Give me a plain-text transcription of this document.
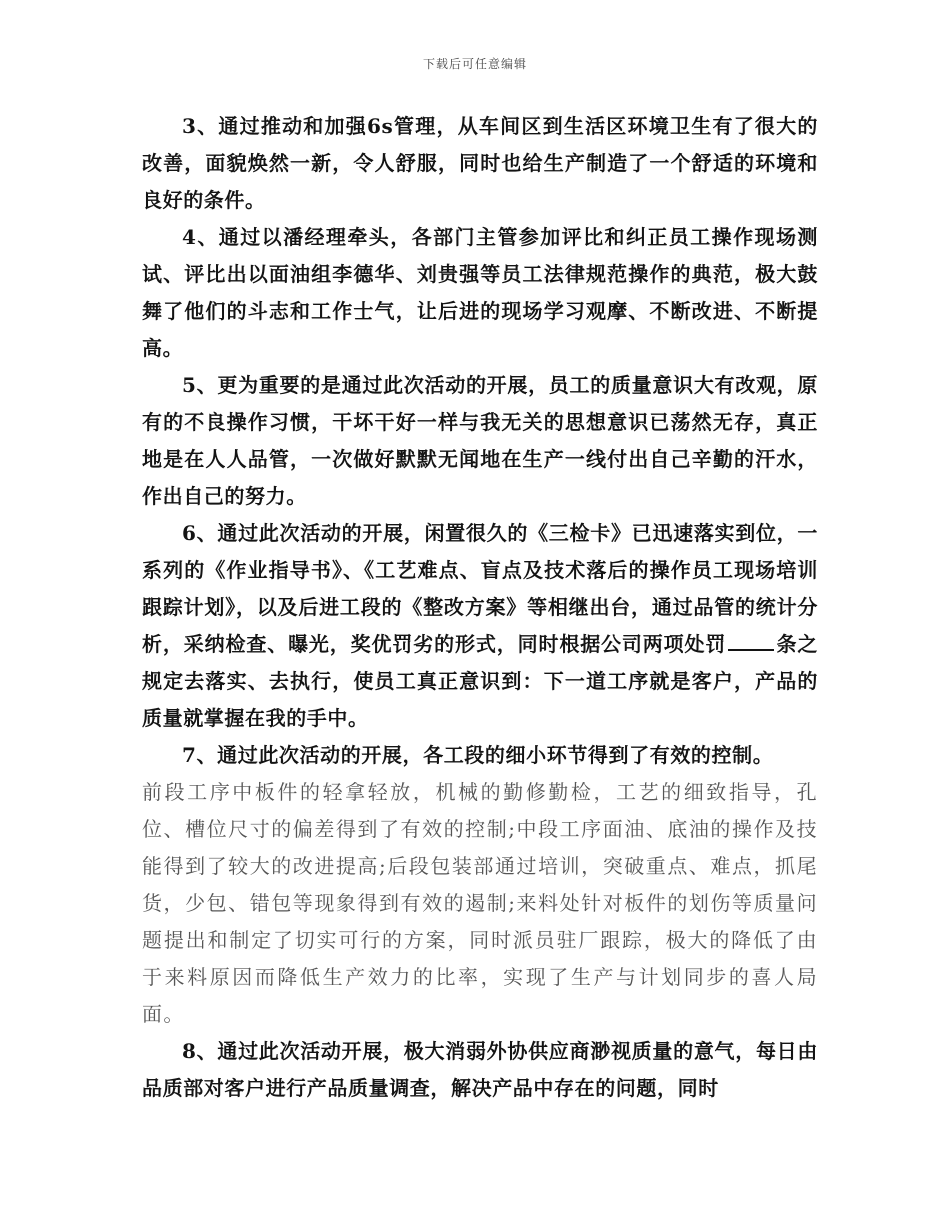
下载后可任意编辑

3、通过推动和加强6s管理，从车间区到生活区环境卫生有了很大的改善，面貌焕然一新，令人舒服，同时也给生产制造了一个舒适的环境和良好的条件。

4、通过以潘经理牵头，各部门主管参加评比和纠正员工操作现场测试、评比出以面油组李德华、刘贵强等员工法律规范操作的典范，极大鼓舞了他们的斗志和工作士气，让后进的现场学习观摩、不断改进、不断提高。

5、更为重要的是通过此次活动的开展，员工的质量意识大有改观，原有的不良操作习惯，干坏干好一样与我无关的思想意识已荡然无存，真正地是在人人品管，一次做好默默无闻地在生产一线付出自己辛勤的汗水，作出自己的努力。

6、通过此次活动的开展，闲置很久的《三检卡》已迅速落实到位，一系列的《作业指导书》、《工艺难点、盲点及技术落后的操作员工现场培训跟踪计划》，以及后进工段的《整改方案》等相继出台，通过品管的统计分析，采纳检查、曝光，奖优罚劣的形式，同时根据公司两项处罚	条之规定去落实、去执行，使员工真正意识到：下一道工序就是客户，产品的质量就掌握在我的手中。

7、通过此次活动的开展，各工段的细小环节得到了有效的控制。

前段工序中板件的轻拿轻放，机械的勤修勤检，工艺的细致指导，孔位、槽位尺寸的偏差得到了有效的控制;中段工序面油、底油的操作及技能得到了较大的改进提高;后段包装部通过培训，突破重点、难点，抓尾货，少包、错包等现象得到有效的遏制;来料处针对板件的划伤等质量问题提出和制定了切实可行的方案，同时派员驻厂跟踪，极大的降低了由于来料原因而降低生产效力的比率，实现了生产与计划同步的喜人局面。

8、通过此次活动开展，极大消弱外协供应商渺视质量的意气，每日由品质部对客户进行产品质量调查，解决产品中存在的问题，同时
